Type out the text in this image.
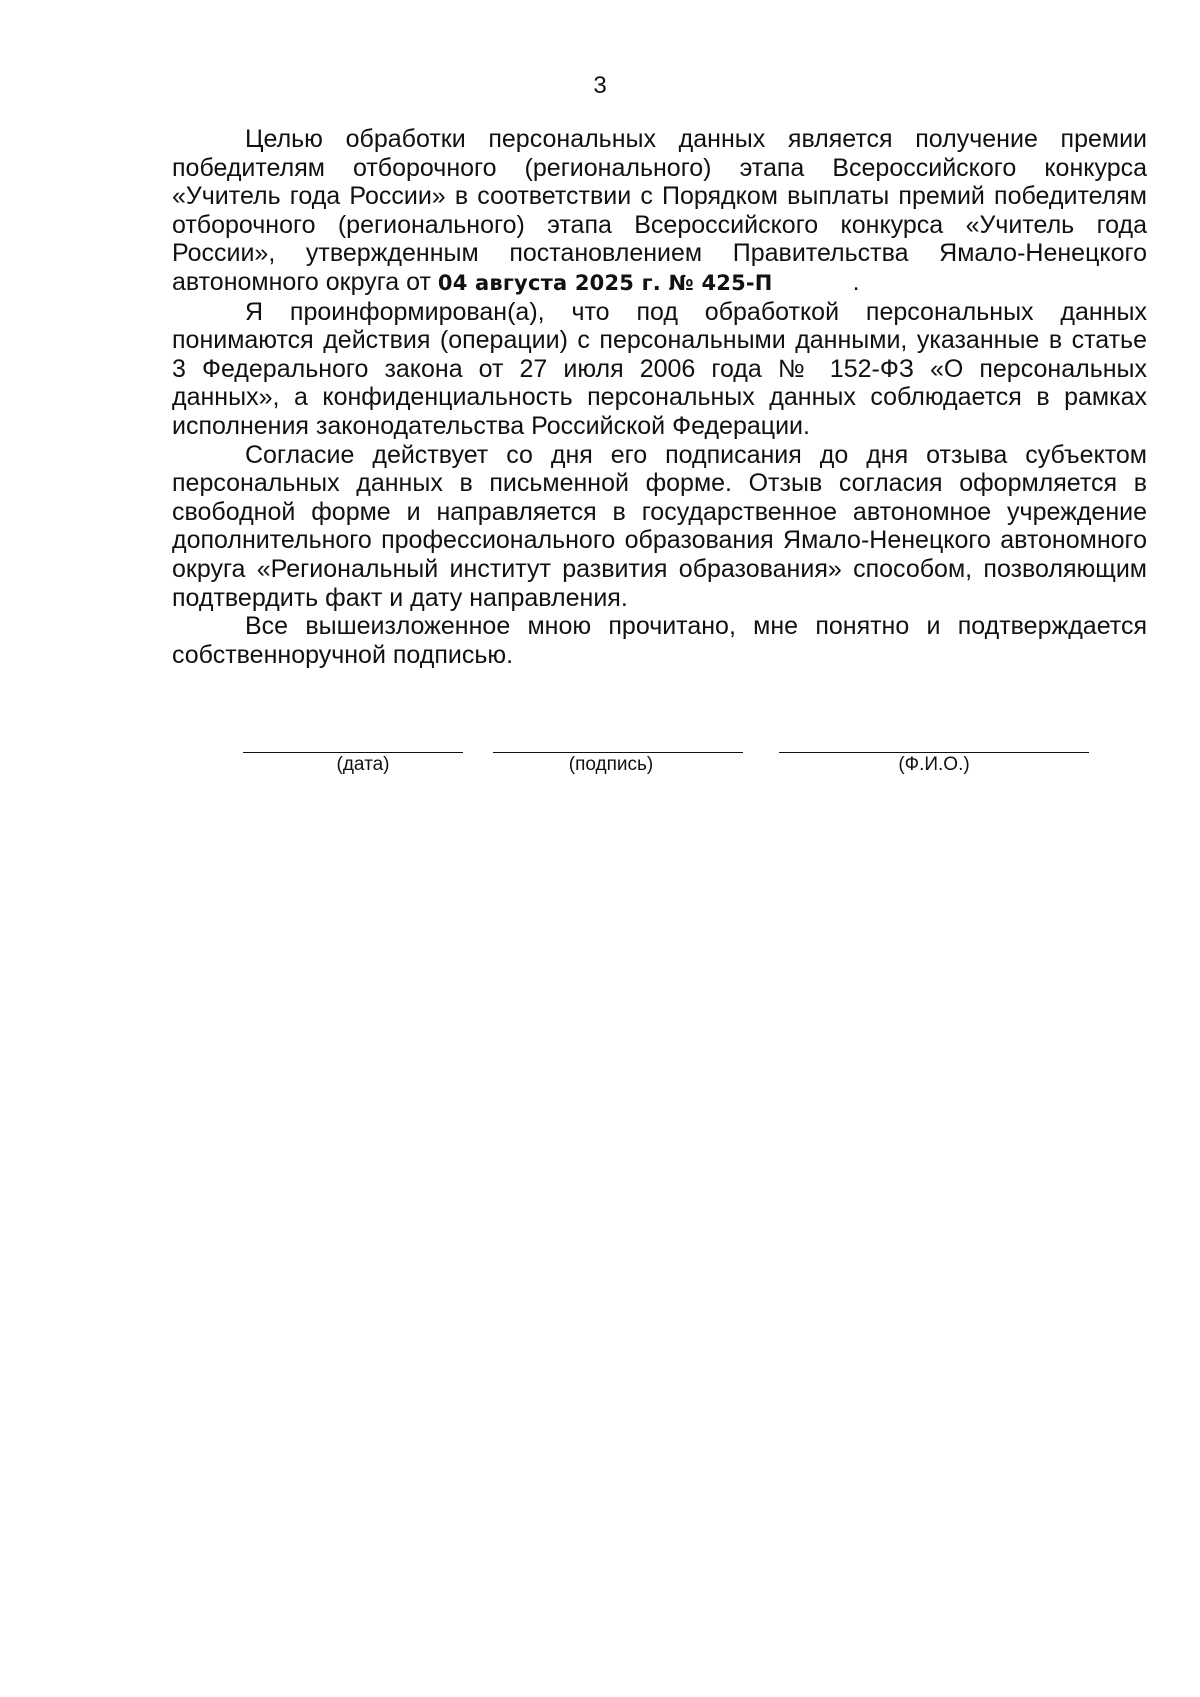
3

Целью обработки персональных данных является получение премии победителям отборочного (регионального) этапа Всероссийского конкурса «Учитель года России» в соответствии с Порядком выплаты премий победителям отборочного (регионального) этапа Всероссийского конкурса «Учитель года России», утвержденным постановлением Правительства Ямало-Ненецкого автономного округа от 04 августа 2025 г. № 425-П	.

Я проинформирован(а), что под обработкой персональных данных понимаются действия (операции) с персональными данными, указанные в статье 3 Федерального закона от 27 июля 2006 года № 152-ФЗ «О персональных данных», а конфиденциальность персональных данных соблюдается в рамках исполнения законодательства Российской Федерации.

Согласие действует со дня его подписания до дня отзыва субъектом персональных данных в письменной форме. Отзыв согласия оформляется в свободной форме и направляется в государственное автономное учреждение дополнительного профессионального образования Ямало-Ненецкого автономного округа «Региональный институт развития образования» способом, позволяющим подтвердить факт и дату направления.

Все вышеизложенное мною прочитано, мне понятно и подтверждается собственноручной подписью.

(дата)	(подпись)	(Ф.И.О.)
